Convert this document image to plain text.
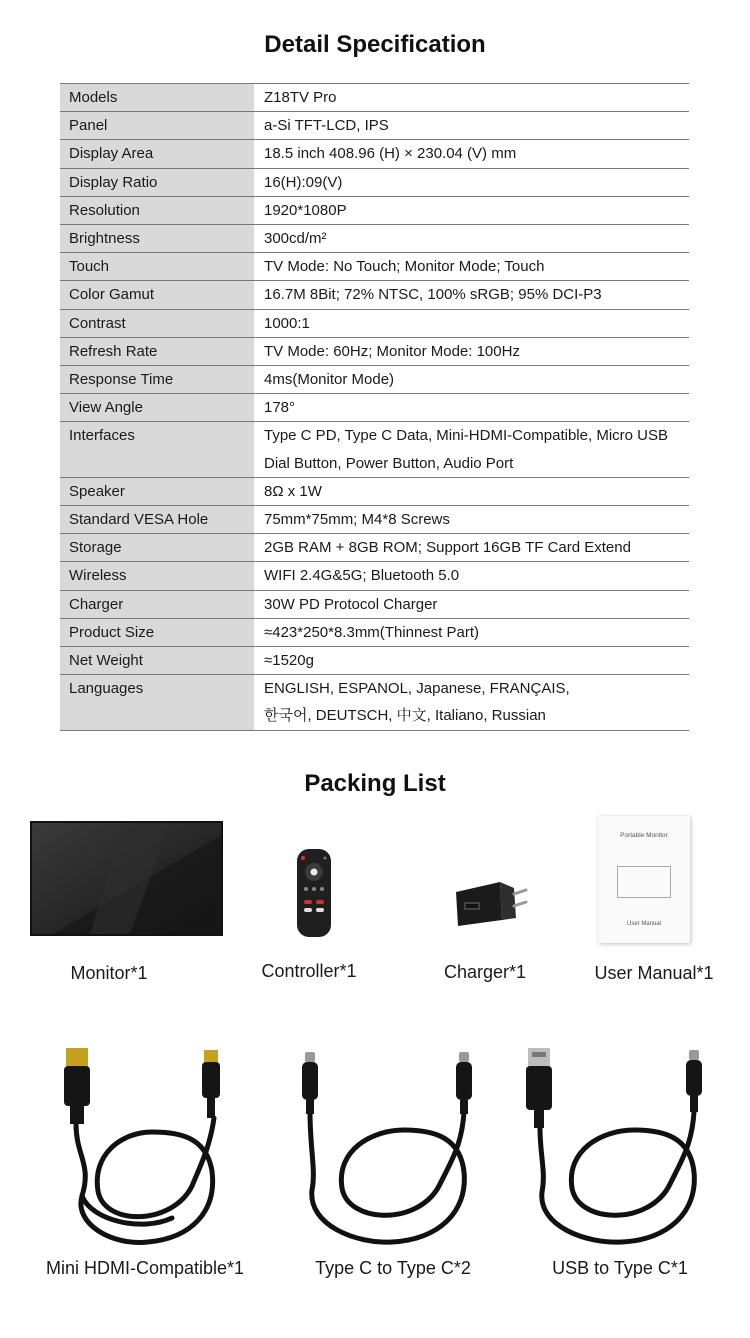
Detail Specification
Models	Z18TV Pro
Panel	a-Si TFT-LCD, IPS
Display Area	18.5 inch 408.96 (H) × 230.04 (V) mm
Display Ratio	16(H):09(V)
Resolution	1920*1080P
Brightness	300cd/m²
Touch	TV Mode: No Touch; Monitor Mode; Touch
Color Gamut	16.7M 8Bit; 72% NTSC, 100% sRGB; 95% DCI-P3
Contrast	1000:1
Refresh Rate	TV Mode: 60Hz; Monitor Mode: 100Hz
Response Time	4ms(Monitor Mode)
View Angle	178°
Interfaces	Type C PD, Type C Data, Mini-HDMI-Compatible, Micro USB
Dial Button, Power Button, Audio Port
Speaker	8Ω x 1W
Standard VESA Hole	75mm*75mm; M4*8 Screws
Storage	2GB RAM + 8GB ROM; Support 16GB TF Card Extend
Wireless	WIFI 2.4G&5G; Bluetooth 5.0
Charger	30W PD Protocol Charger
Product Size	≈423*250*8.3mm(Thinnest Part)
Net Weight	≈1520g
Languages	ENGLISH, ESPANOL, Japanese, FRANÇAIS,
한국어, DEUTSCH, 中文, Italiano, Russian
Packing List
Monitor*1	Controller*1	Charger*1
Portable Monitor
User Manual
User Manual*1
Mini HDMI-Compatible*1	Type C to Type C*2	USB to Type C*1
